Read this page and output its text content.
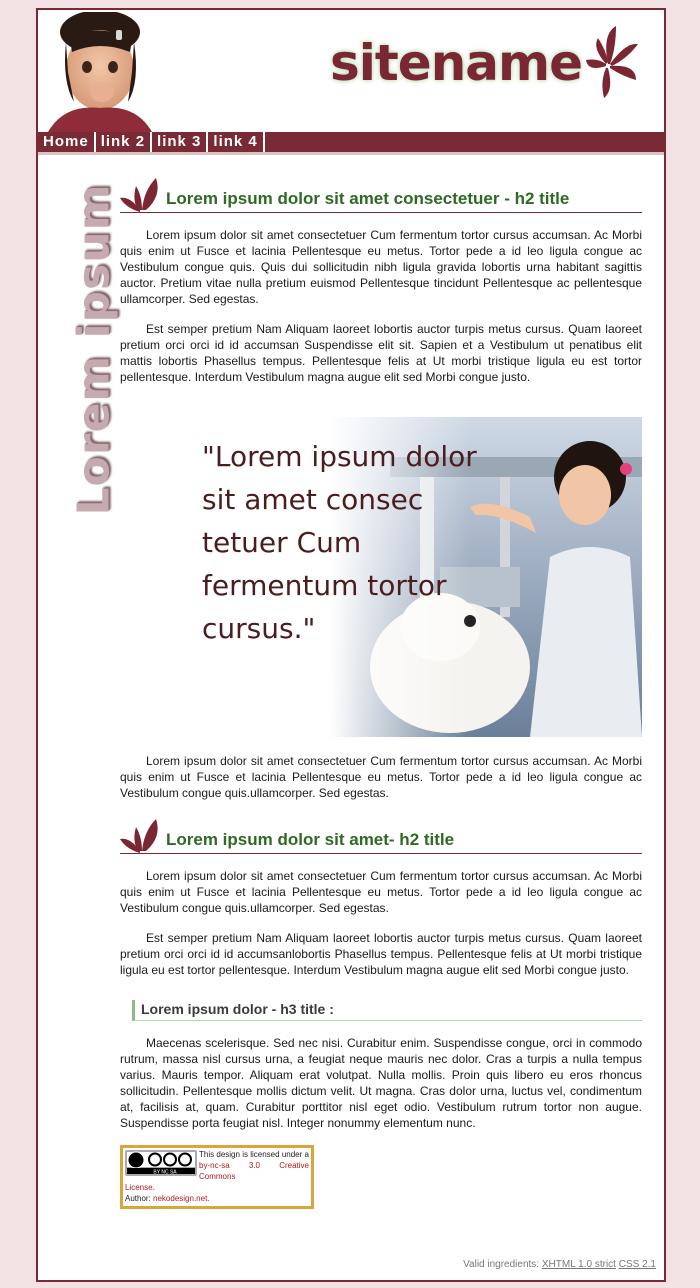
sitename
Home link 2 link 3 link 4
Lorem ipsum	Lorem ipsum dolor sit amet consectetuer - h2 title

Lorem ipsum dolor sit amet consectetuer Cum fermentum tortor cursus accumsan. Ac Morbi quis enim ut Fusce et lacinia Pellentesque eu metus. Tortor pede a id leo ligula congue ac Vestibulum congue quis. Quis dui sollicitudin nibh ligula gravida lobortis urna habitant sagittis auctor. Pretium vitae nulla pretium euismod Pellentesque tincidunt Pellentesque ac pellentesque ullamcorper. Sed egestas.

Est semper pretium Nam Aliquam laoreet lobortis auctor turpis metus cursus. Quam laoreet pretium orci orci id id accumsan Suspendisse elit sit. Sapien et a Vestibulum ut penatibus elit mattis lobortis Phasellus tempus. Pellentesque felis at Ut morbi tristique ligula eu est tortor pellentesque. Interdum Vestibulum magna augue elit sed Morbi congue justo.

"Lorem ipsum dolor sit amet consec tetuer Cum fermentum tortor cursus."

Lorem ipsum dolor sit amet consectetuer Cum fermentum tortor cursus accumsan. Ac Morbi quis enim ut Fusce et lacinia Pellentesque eu metus. Tortor pede a id leo ligula congue ac Vestibulum congue quis.ullamcorper. Sed egestas.

Lorem ipsum dolor sit amet- h2 title

Lorem ipsum dolor sit amet consectetuer Cum fermentum tortor cursus accumsan. Ac Morbi quis enim ut Fusce et lacinia Pellentesque eu metus. Tortor pede a id leo ligula congue ac Vestibulum congue quis.ullamcorper. Sed egestas.

Est semper pretium Nam Aliquam laoreet lobortis auctor turpis metus cursus. Quam laoreet pretium orci orci id id accumsanlobortis Phasellus tempus. Pellentesque felis at Ut morbi tristique ligula eu est tortor pellentesque. Interdum Vestibulum magna augue elit sed Morbi congue justo.

Lorem ipsum dolor - h3 title :

Maecenas scelerisque. Sed nec nisi. Curabitur enim. Suspendisse congue, orci in commodo rutrum, massa nisl cursus urna, a feugiat neque mauris nec dolor. Cras a turpis a nulla tempus varius. Mauris tempor. Aliquam erat volutpat. Nulla mollis. Proin quis libero eu eros rhoncus sollicitudin. Pellentesque mollis dictum velit. Ut magna. Cras dolor urna, luctus vel, condimentum at, facilisis at, quam. Curabitur porttitor nisl eget odio. Vestibulum rutrum tortor non augue. Suspendisse porta feugiat nisl. Integer nonummy elementum nunc.

BY NC SA
This design is licensed under a by-nc-sa 3.0 Creative Commons
License.
Author: nekodesign.net.
Valid ingredients: XHTML 1.0 strict CSS 2.1
